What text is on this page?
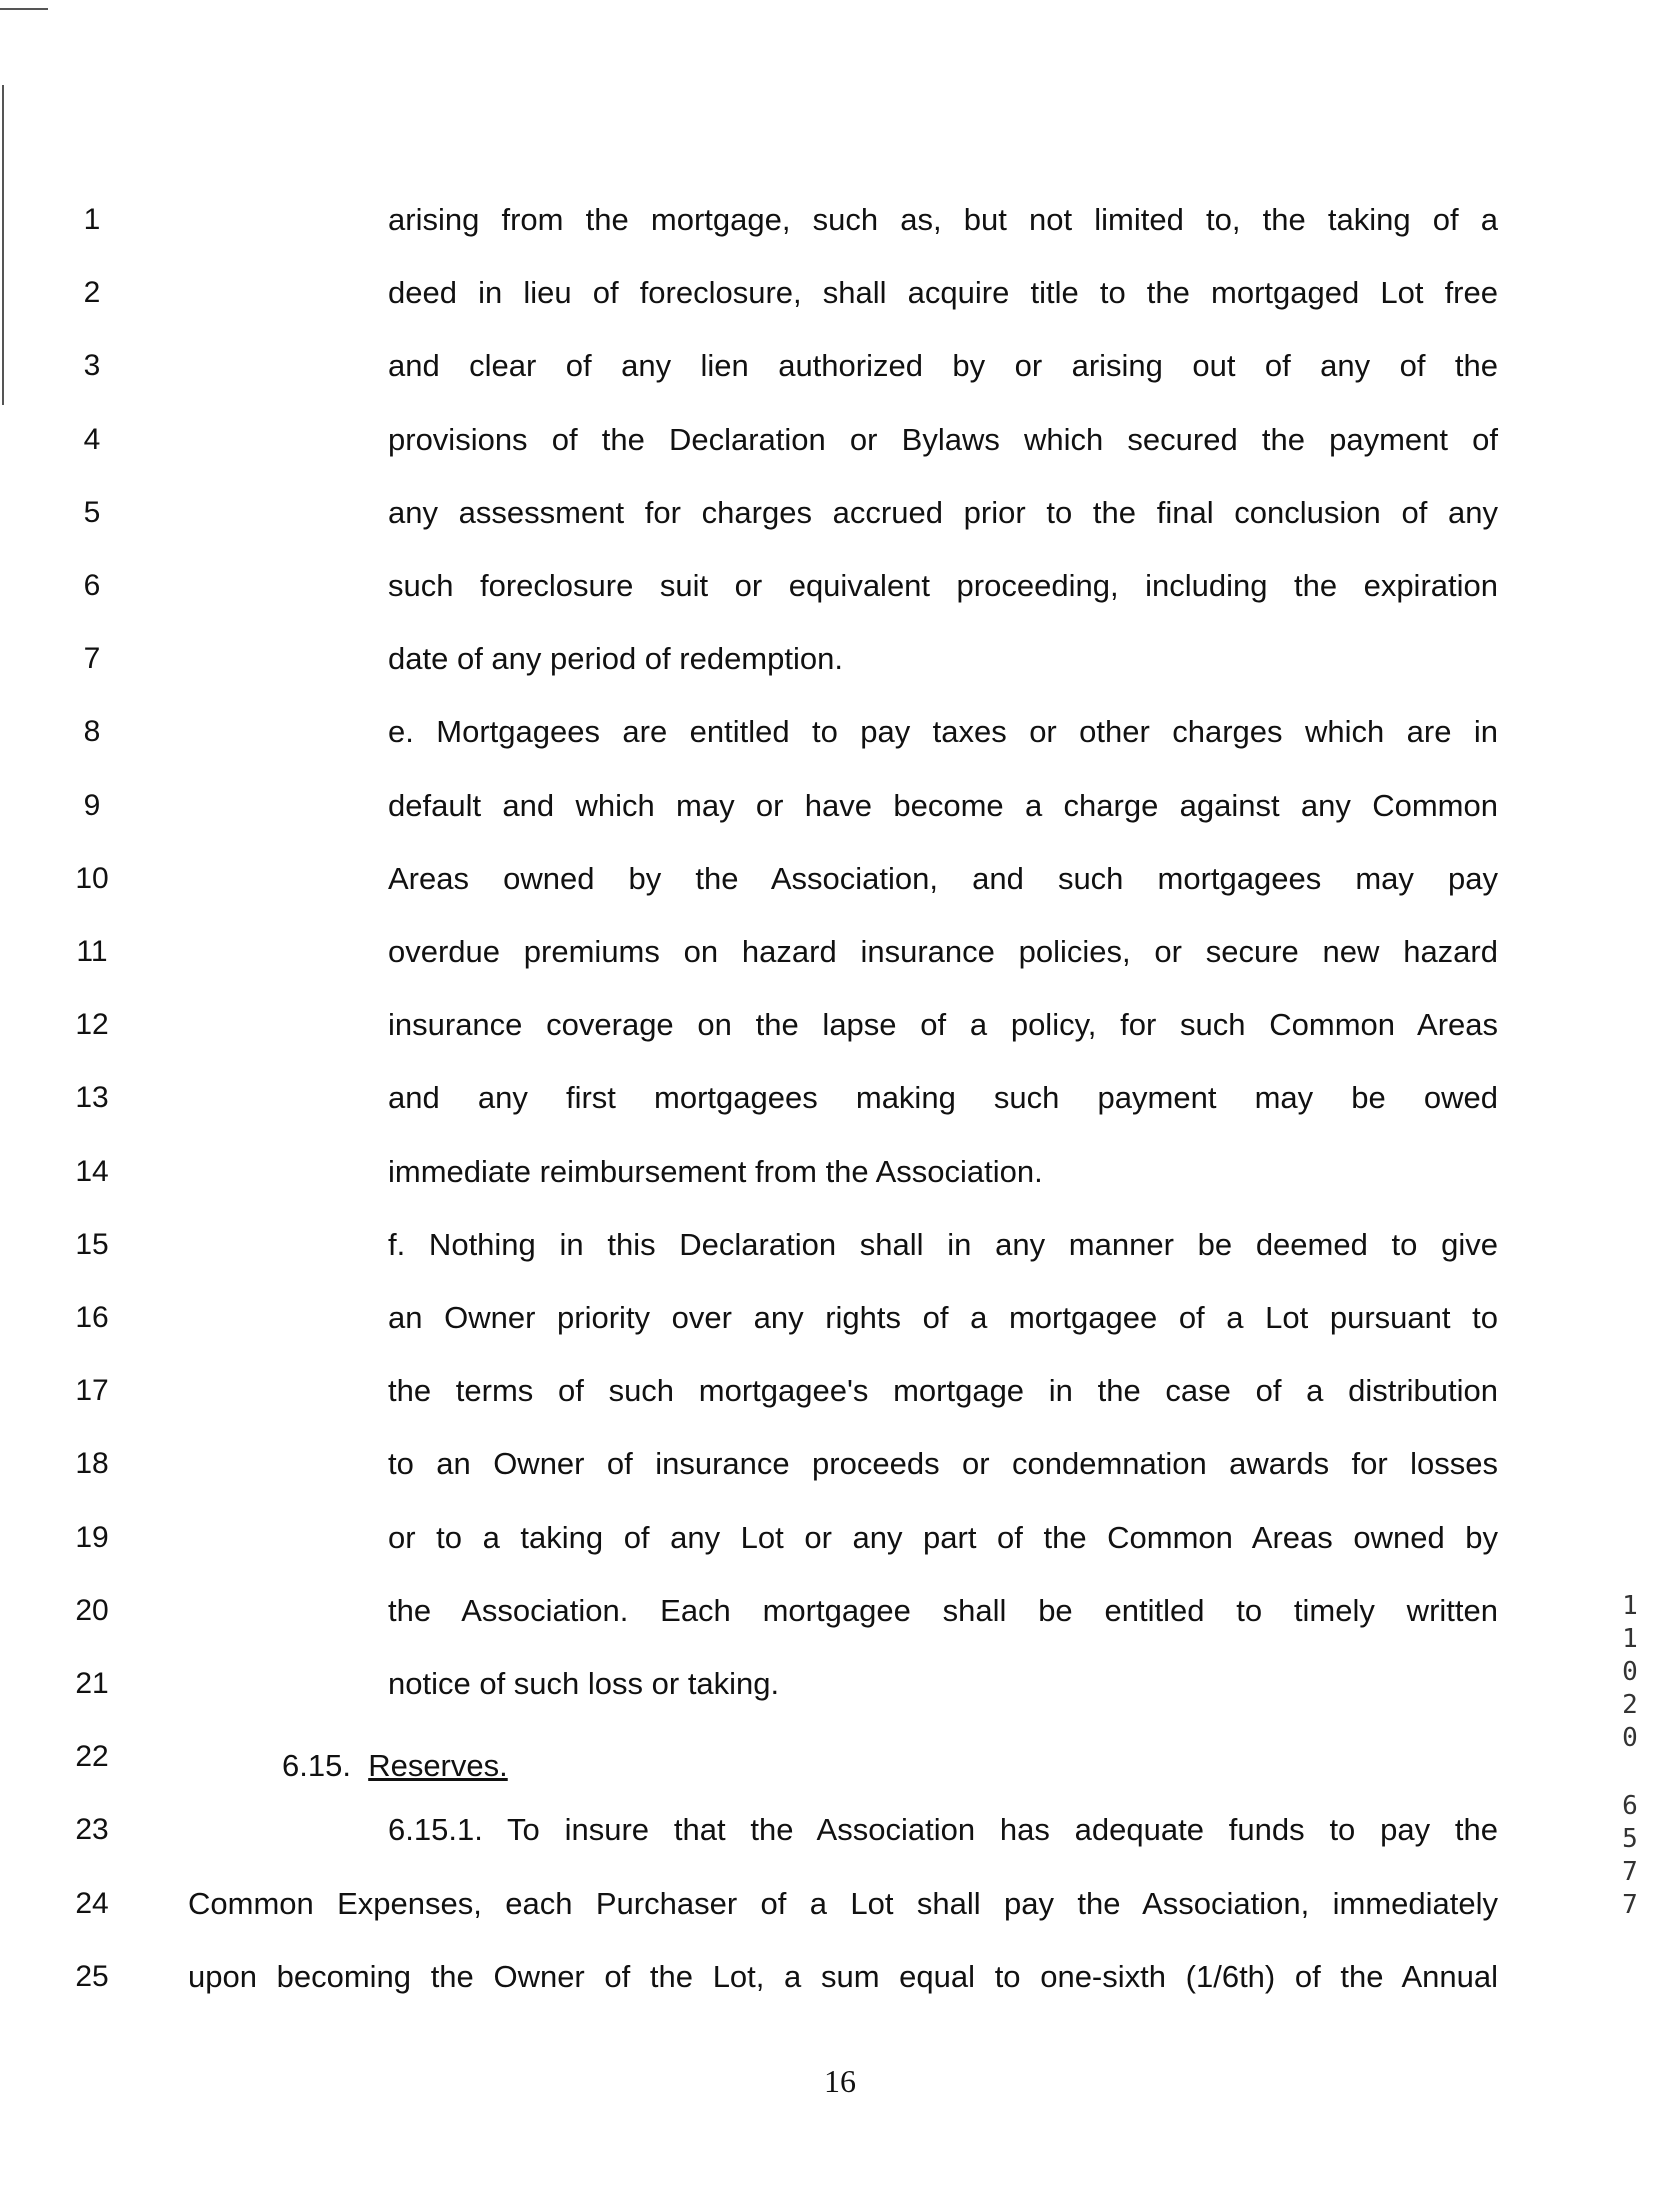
6.15. Reserves.
16
1
2
3
4
5
6
7
8
9
10
11
12
13
14
15
16
17
18
19
20
21
22
23
24
25
arising from the mortgage, such as, but not limited to, the taking of a
deed in lieu of foreclosure, shall acquire title to the mortgaged Lot free
and clear of any lien authorized by or arising out of any of the
provisions of the Declaration or Bylaws which secured the payment of
any assessment for charges accrued prior to the final conclusion of any
such foreclosure suit or equivalent proceeding, including the expiration
date of any period of redemption.
e. Mortgagees are entitled to pay taxes or other charges which are in
default and which may or have become a charge against any Common
Areas owned by the Association, and such mortgagees may pay
overdue premiums on hazard insurance policies, or secure new hazard
insurance coverage on the lapse of a policy, for such Common Areas
and any first mortgagees making such payment may be owed
immediate reimbursement from the Association.
f. Nothing in this Declaration shall in any manner be deemed to give
an Owner priority over any rights of a mortgagee of a Lot pursuant to
the terms of such mortgagee's mortgage in the case of a distribution
to an Owner of insurance proceeds or condemnation awards for losses
or to a taking of any Lot or any part of the Common Areas owned by
the Association. Each mortgagee shall be entitled to timely written
notice of such loss or taking.
6.15.1. To insure that the Association has adequate funds to pay the
Common Expenses, each Purchaser of a Lot shall pay the Association, immediately
upon becoming the Owner of the Lot, a sum equal to one-sixth (1/6th) of the Annual
1
1
0
2
0
6
5
7
7
